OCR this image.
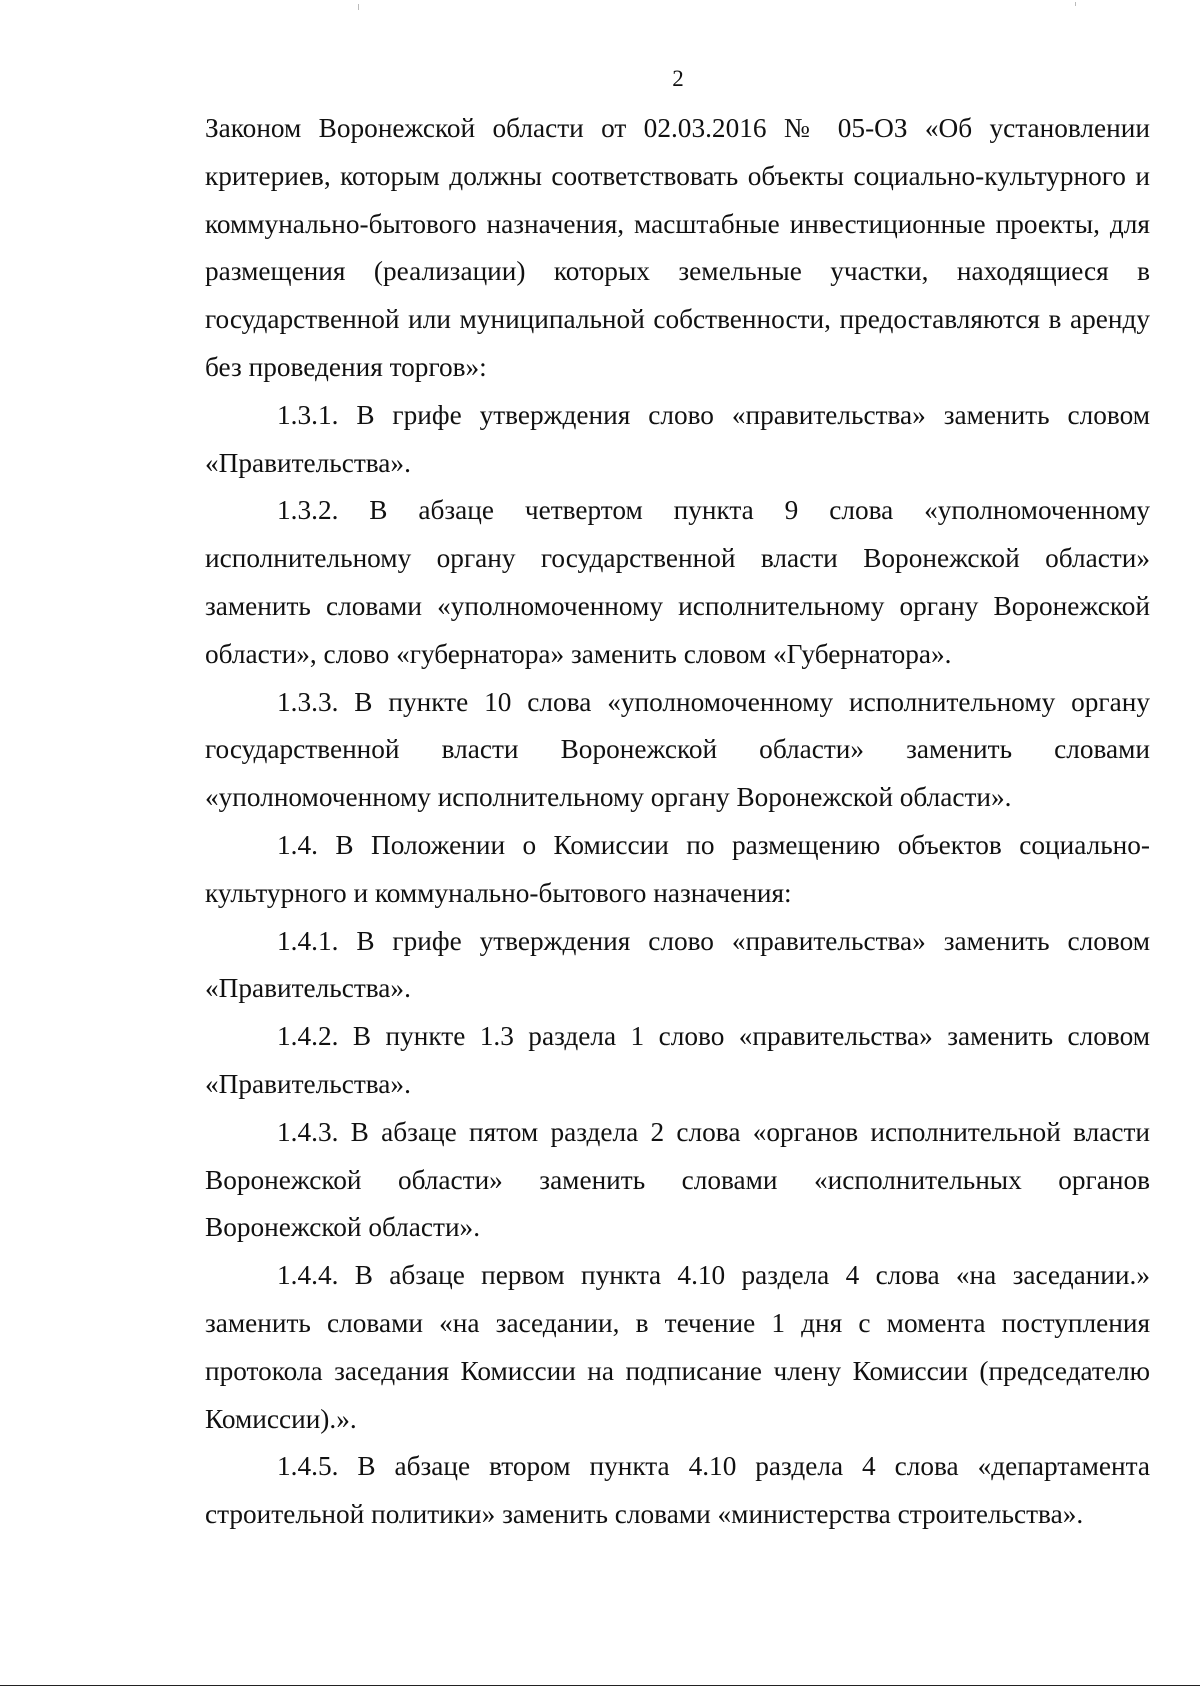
2

Законом Воронежской области от 02.03.2016 № 05-ОЗ «Об установлении критериев, которым должны соответствовать объекты социально-культурного и коммунально-бытового назначения, масштабные инвестиционные проекты, для размещения (реализации) которых земельные участки, находящиеся в государственной или муниципальной собственности, предоставляются в аренду без проведения торгов»:

1.3.1. В грифе утверждения слово «правительства» заменить словом «Правительства».

1.3.2. В абзаце четвертом пункта 9 слова «уполномоченному исполнительному органу государственной власти Воронежской области» заменить словами «уполномоченному исполнительному органу Воронежской области», слово «губернатора» заменить словом «Губернатора».

1.3.3. В пункте 10 слова «уполномоченному исполнительному органу государственной власти Воронежской области» заменить словами «уполномоченному исполнительному органу Воронежской области».

1.4. В Положении о Комиссии по размещению объектов социально-культурного и коммунально-бытового назначения:

1.4.1. В грифе утверждения слово «правительства» заменить словом «Правительства».

1.4.2. В пункте 1.3 раздела 1 слово «правительства» заменить словом «Правительства».

1.4.3. В абзаце пятом раздела 2 слова «органов исполнительной власти Воронежской области» заменить словами «исполнительных органов Воронежской области».

1.4.4. В абзаце первом пункта 4.10 раздела 4 слова «на заседании.» заменить словами «на заседании, в течение 1 дня с момента поступления протокола заседания Комиссии на подписание члену Комиссии (председателю Комиссии).».

1.4.5. В абзаце втором пункта 4.10 раздела 4 слова «департамента строительной политики» заменить словами «министерства строительства».
